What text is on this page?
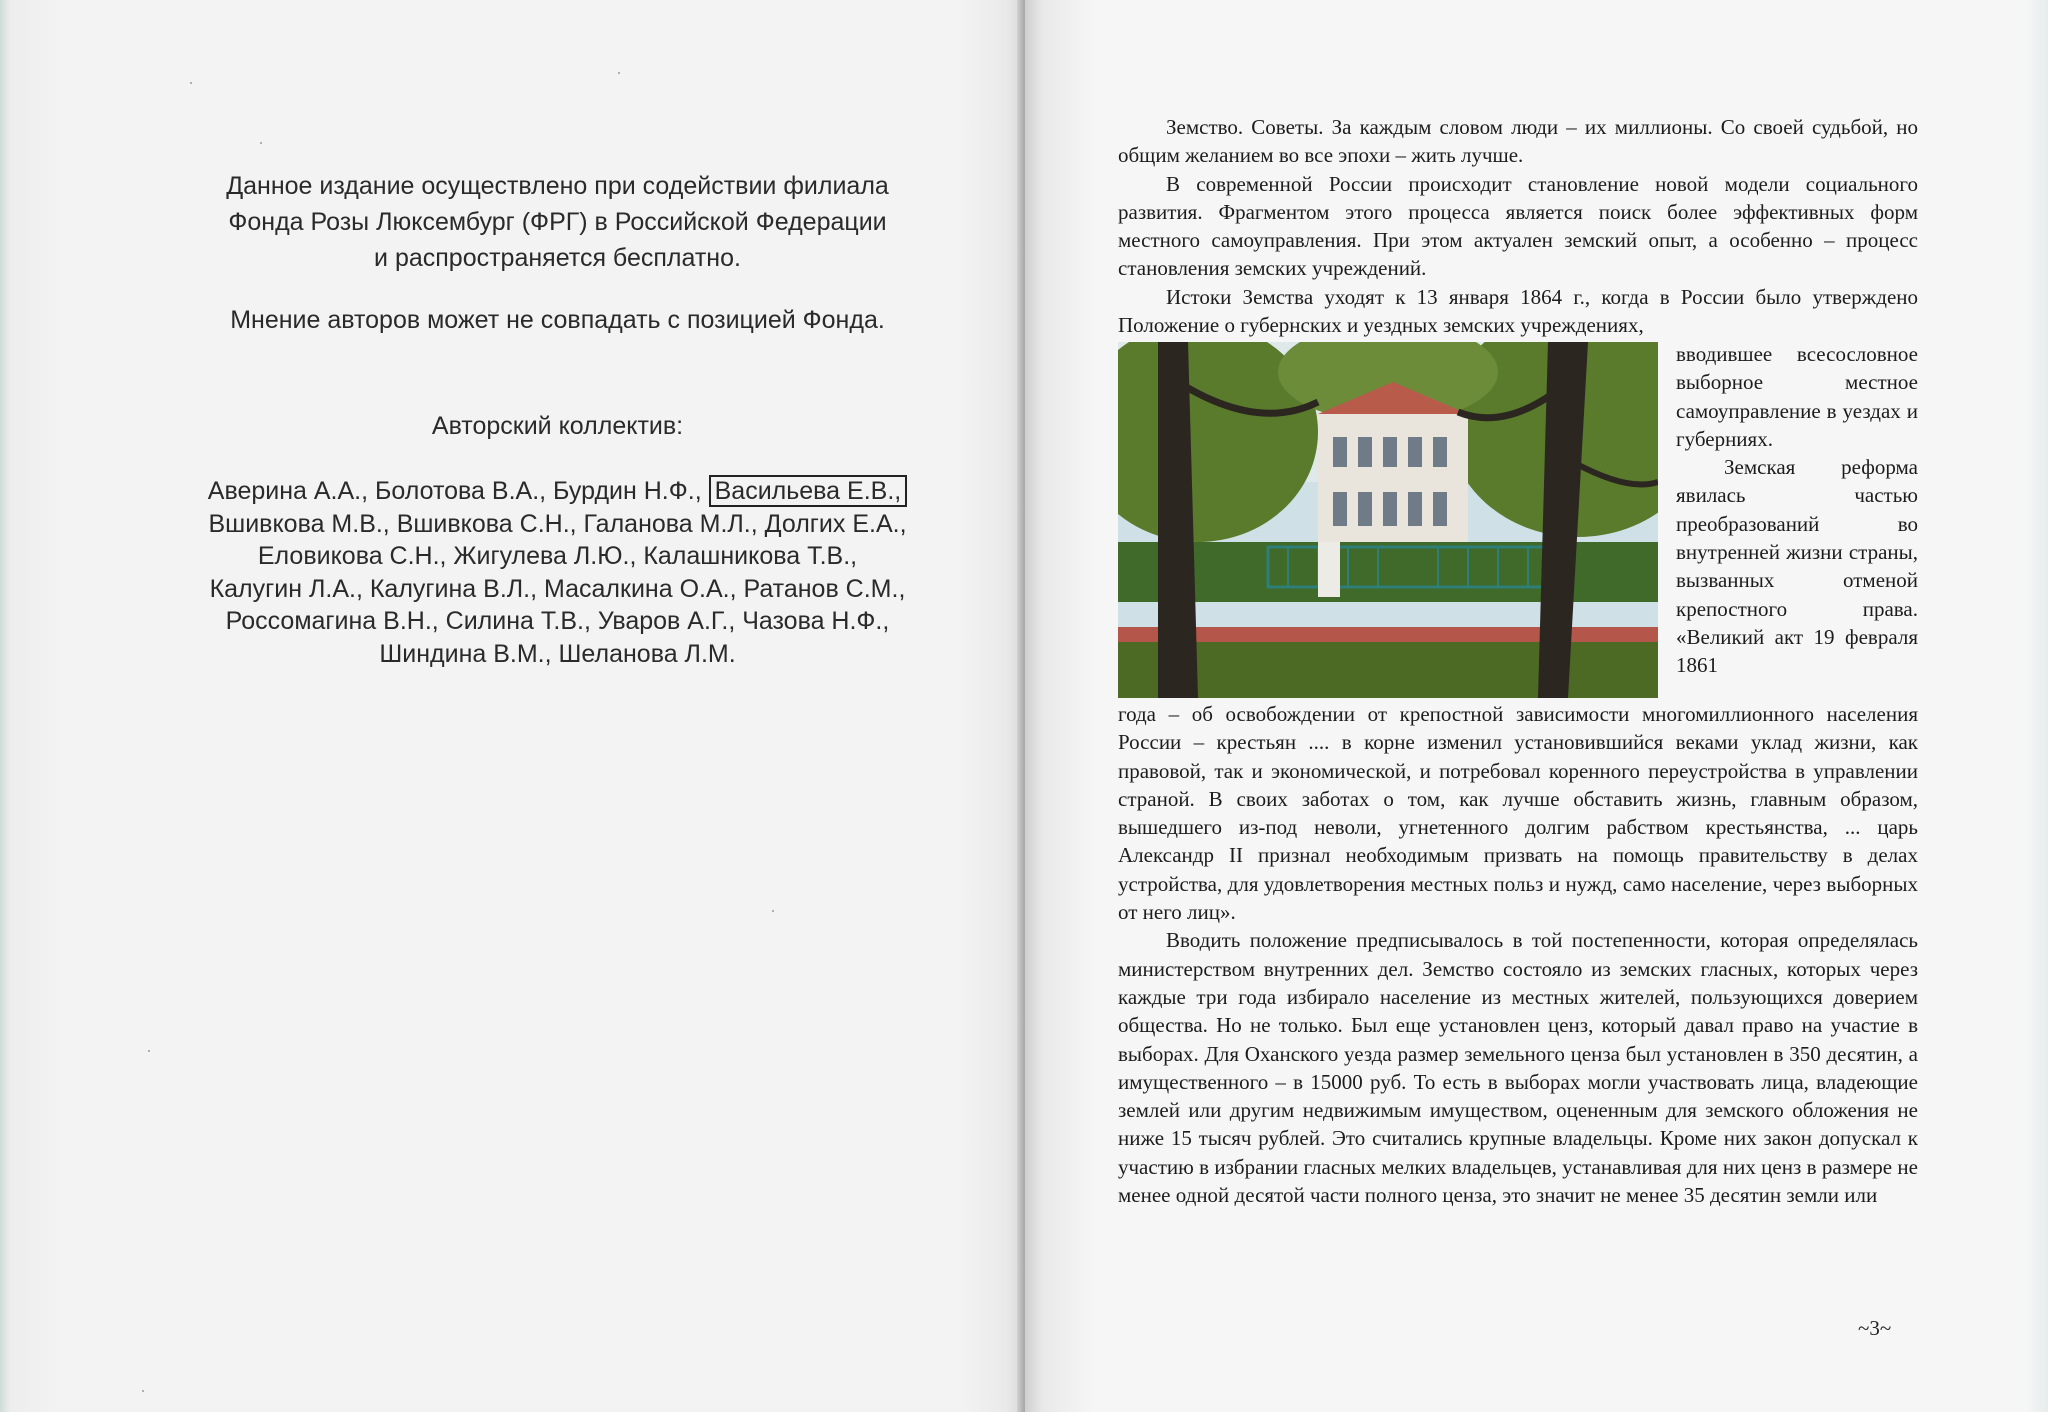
Данное издание осуществлено при содействии филиала

Фонда Розы Люксембург (ФРГ) в Российской Федерации

и распространяется бесплатно.

Мнение авторов может не совпадать с позицией Фонда.

Авторский коллектив:

Аверина А.А., Болотова В.А., Бурдин Н.Ф., Васильева Е.В.,

Вшивкова М.В., Вшивкова С.Н., Галанова М.Л., Долгих Е.А.,

Еловикова С.Н., Жигулева Л.Ю., Калашникова Т.В.,

Калугин Л.А., Калугина В.Л., Масалкина О.А., Ратанов С.М.,

Россомагина В.Н., Силина Т.В., Уваров А.Г., Чазова Н.Ф.,

Шиндина В.М., Шеланова Л.М.

Земство. Советы. За каждым словом люди – их миллионы. Со своей судьбой, но общим желанием во все эпохи – жить лучше.

В современной России происходит становление новой модели социального развития. Фрагментом этого процесса является поиск более эффективных форм местного самоуправления. При этом актуален земский опыт, а особенно – процесс становления земских учреждений.

Истоки Земства уходят к 13 января 1864 г., когда в России было утверждено Положение о губернских и уездных земских учреждениях,

вводившее всесословное выборное местное самоуправление в уездах и губерниях.

Земская реформа явилась частью преобразований во внутренней жизни страны, вызванных отменой крепостного права. «Великий акт 19 февраля 1861

года – об освобождении от крепостной зависимости многомиллионного населения России – крестьян .... в корне изменил установившийся веками уклад жизни, как правовой, так и экономической, и потребовал коренного переустройства в управлении страной. В своих заботах о том, как лучше обставить жизнь, главным образом, вышедшего из-под неволи, угнетенного долгим рабством крестьянства, ... царь Александр II признал необходимым призвать на помощь правительству в делах устройства, для удовлетворения местных польз и нужд, само население, через выборных от него лиц».

Вводить положение предписывалось в той постепенности, которая определялась министерством внутренних дел. Земство состояло из земских гласных, которых через каждые три года избирало население из местных жителей, пользующихся доверием общества. Но не только. Был еще установлен ценз, который давал право на участие в выборах. Для Оханского уезда размер земельного ценза был установлен в 350 десятин, а имущественного – в 15000 руб. То есть в выборах могли участвовать лица, владеющие землей или другим недвижимым имуществом, оцененным для земского обложения не ниже 15 тысяч рублей. Это считались крупные владельцы. Кроме них закон допускал к участию в избрании гласных мелких владельцев, устанавливая для них ценз в размере не менее одной десятой части полного ценза, это значит не менее 35 десятин земли или

~3~
